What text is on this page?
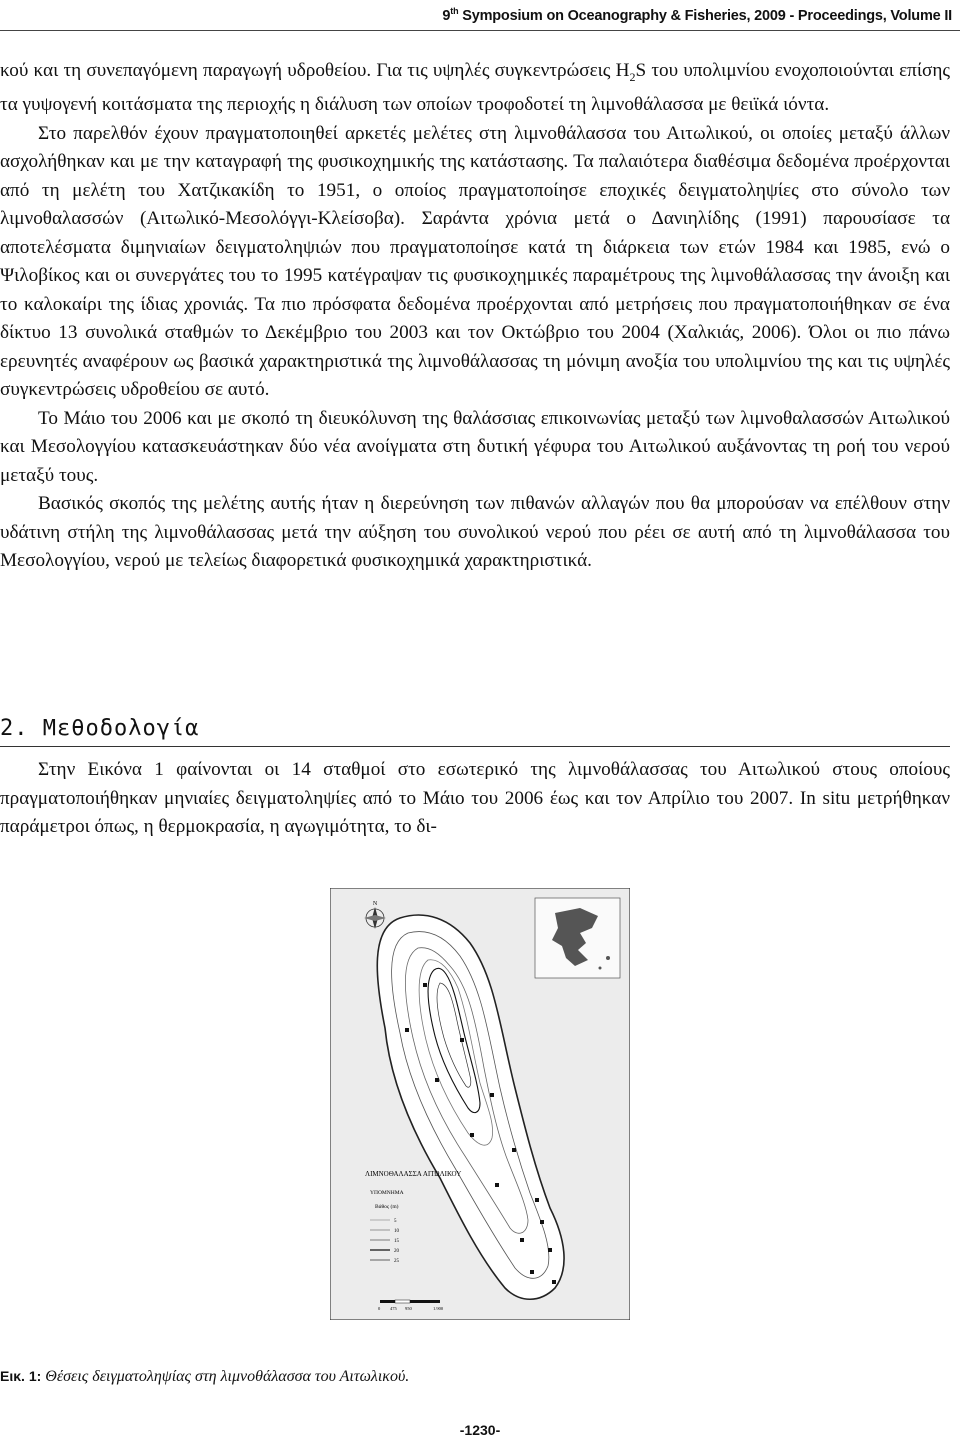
9th Symposium on Oceanography & Fisheries, 2009 - Proceedings, Volume II

κού και τη συνεπαγόμενη παραγωγή υδροθείου. Για τις υψηλές συγκεντρώσεις $H_2S$ του υπολιμνίου ενοχοποιούνται επίσης τα γυψογενή κοιτάσματα της περιοχής η διάλυση των οποίων τροφοδοτεί τη λιμνοθάλασσα με θειϊκά ιόντα.

Στο παρελθόν έχουν πραγματοποιηθεί αρκετές μελέτες στη λιμνοθάλασσα του Αιτωλικού, οι οποίες μεταξύ άλλων ασχολήθηκαν και με την καταγραφή της φυσικοχημικής της κατάστασης. Τα παλαιότερα διαθέσιμα δεδομένα προέρχονται από τη μελέτη του Χατζικακίδη το 1951, ο οποίος πραγματοποίησε εποχικές δειγματοληψίες στο σύνολο των λιμνοθαλασσών (Αιτωλικό-Μεσολόγγι-Κλείσοβα). Σαράντα χρόνια μετά ο Δανιηλίδης (1991) παρουσίασε τα αποτελέσματα διμηνιαίων δειγματοληψιών που πραγματοποίησε κατά τη διάρκεια των ετών 1984 και 1985, ενώ ο Ψιλοβίκος και οι συνεργάτες του το 1995 κατέγραψαν τις φυσικοχημικές παραμέτρους της λιμνοθάλασσας την άνοιξη και το καλοκαίρι της ίδιας χρονιάς. Τα πιο πρόσφατα δεδομένα προέρχονται από μετρήσεις που πραγματοποιήθηκαν σε ένα δίκτυο 13 συνολικά σταθμών το Δεκέμβριο του 2003 και τον Οκτώβριο του 2004 (Χαλκιάς, 2006). Όλοι οι πιο πάνω ερευνητές αναφέρουν ως βασικά χαρακτηριστικά της λιμνοθάλασσας τη μόνιμη ανοξία του υπολιμνίου της και τις υψηλές συγκεντρώσεις υδροθείου σε αυτό.

Το Μάιο του 2006 και με σκοπό τη διευκόλυνση της θαλάσσιας επικοινωνίας μεταξύ των λιμνοθαλασσών Αιτωλικού και Μεσολογγίου κατασκευάστηκαν δύο νέα ανοίγματα στη δυτική γέφυρα του Αιτωλικού αυξάνοντας τη ροή του νερού μεταξύ τους.

Βασικός σκοπός της μελέτης αυτής ήταν η διερεύνηση των πιθανών αλλαγών που θα μπορούσαν να επέλθουν στην υδάτινη στήλη της λιμνοθάλασσας μετά την αύξηση του συνολικού νερού που ρέει σε αυτή από τη λιμνοθάλασσα του Μεσολογγίου, νερού με τελείως διαφορετικά φυσικοχημικά χαρακτηριστικά.

2. Μεθοδολογία

Στην Εικόνα 1 φαίνονται οι 14 σταθμοί στο εσωτερικό της λιμνοθάλασσας του Αιτωλικού στους οποίους πραγματοποιήθηκαν μηνιαίες δειγματοληψίες από το Μάιο του 2006 έως και τον Απρίλιο του 2007. In situ μετρήθηκαν παράμετροι όπως, η θερμοκρασία, η αγωγιμότητα, το δι-

N
ΛΙΜΝΟΘΑΛΑΣΣΑ ΑΙΤΩΛΙΚΟΥ
ΥΠΟΜΝΗΜΑ
Βάθος (m)
5
10
15
20
25
0 475 950	1.900
Εικ. 1: Θέσεις δειγματοληψίας στη λιμνοθάλασσα του Αιτωλικού.
-1230-
